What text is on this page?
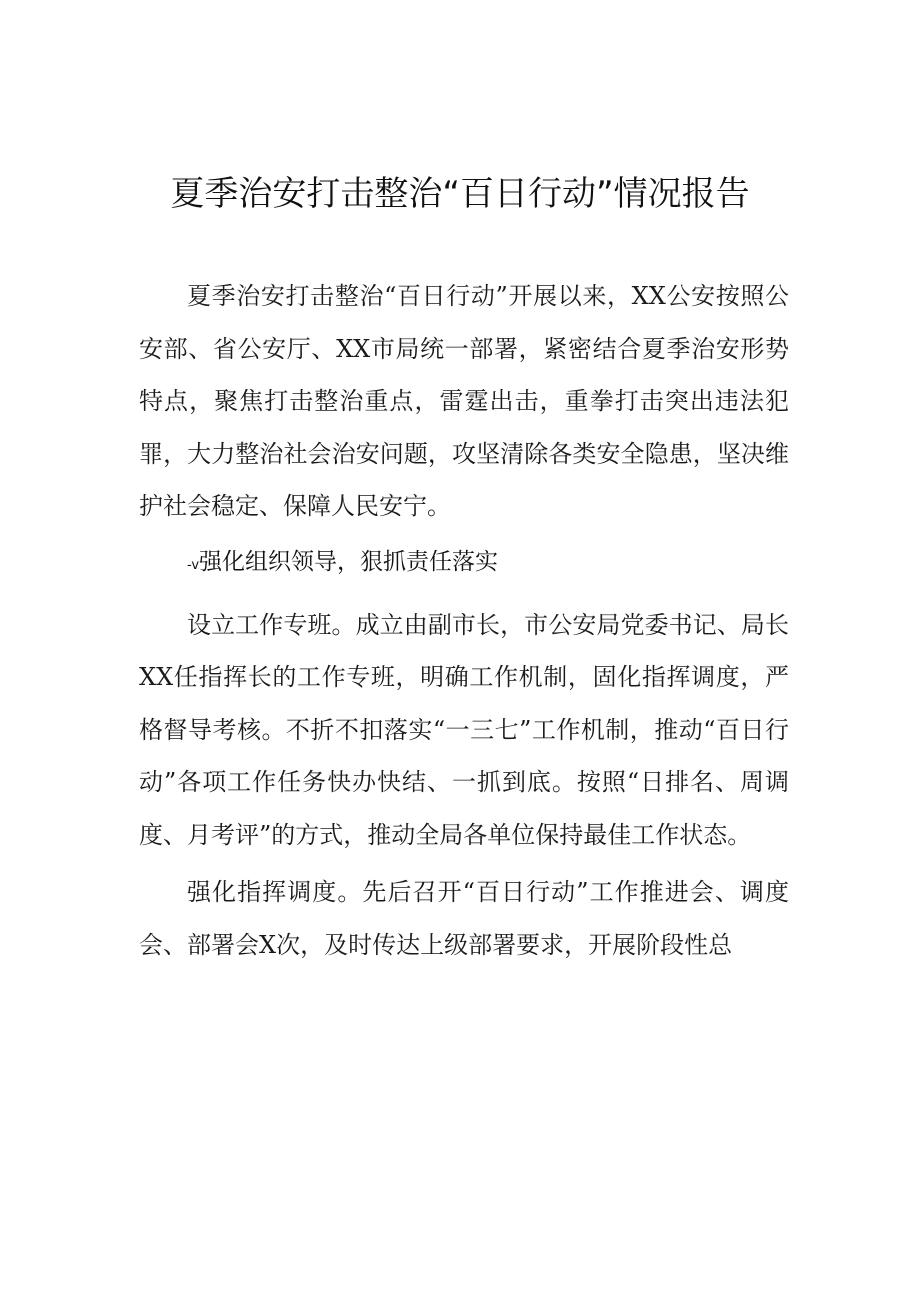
夏季治安打击整治“百日行动”情况报告

夏季治安打击整治“百日行动”开展以来，XX公安按照公安部、省公安厅、XX市局统一部署，紧密结合夏季治安形势特点，聚焦打击整治重点，雷霆出击，重拳打击突出违法犯罪，大力整治社会治安问题，攻坚清除各类安全隐患，坚决维护社会稳定、保障人民安宁。

-v强化组织领导，狠抓责任落实

设立工作专班。成立由副市长，市公安局党委书记、局长XX任指挥长的工作专班，明确工作机制，固化指挥调度，严格督导考核。不折不扣落实“一三七”工作机制，推动“百日行动”各项工作任务快办快结、一抓到底。按照“日排名、周调度、月考评”的方式，推动全局各单位保持最佳工作状态。

强化指挥调度。先后召开“百日行动”工作推进会、调度会、部署会X次，及时传达上级部署要求，开展阶段性总
